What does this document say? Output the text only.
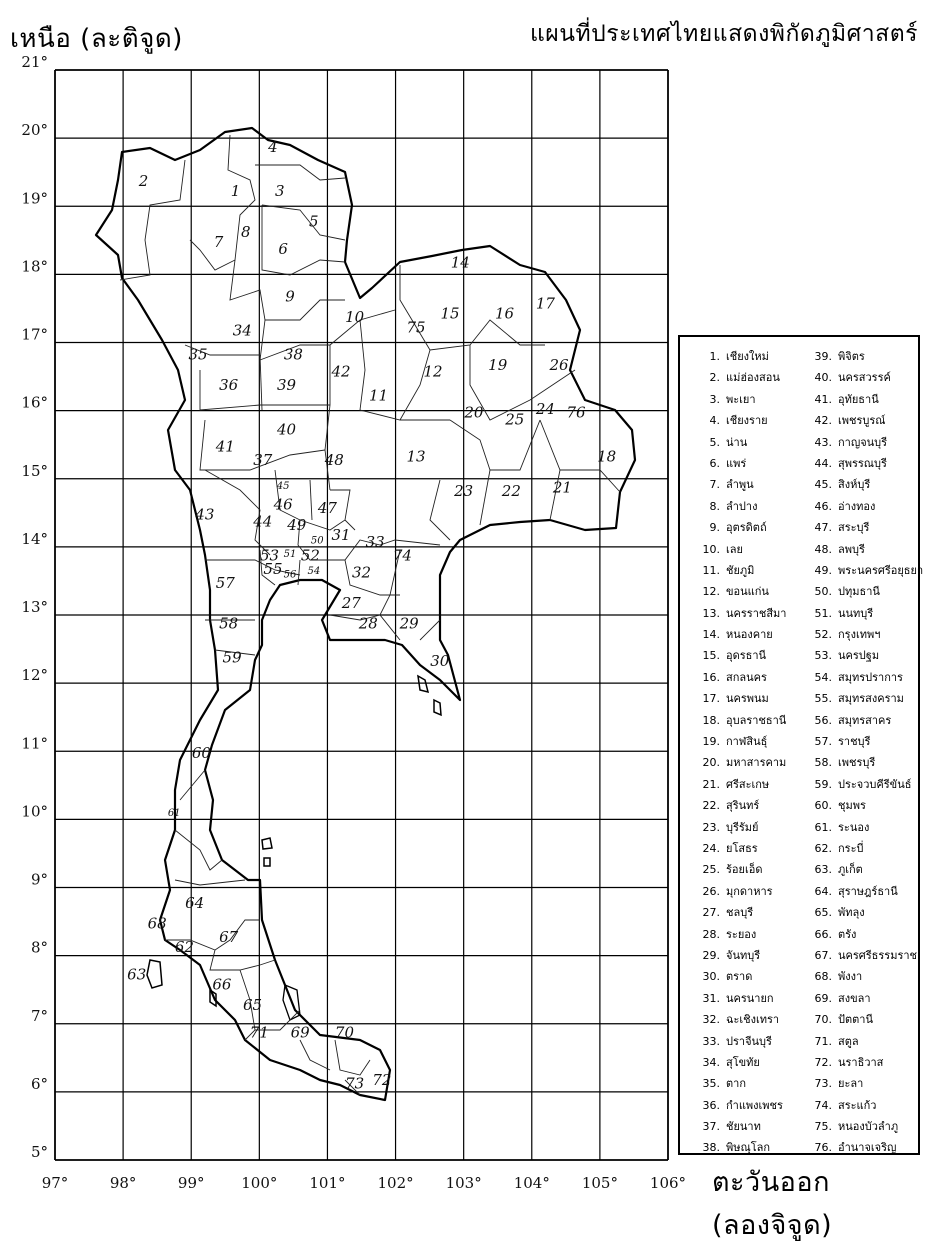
เหนือ (ละติจูด)	แผนที่ประเทศไทยแสดงพิกัดภูมิศาสตร์
ตะวันออก (ลองจิจูด)
21°
20°
19°
18°
17°
16°
15°
14°
13°
12°
11°
10°
9°
8°
7°
6°
5°
97°	98°	99° 100° 101° 102° 103° 104° 105° 106°
1
2
3
4
5
6
7
8
9
10
11
12
13
14
15 16
17
18
19
20
21
22
23
24
25
26
27
28 29
30
31
32
33
34
35
36
37
38
39
40
41
42
43	44
45
46 47
48
49
50
51 52
53
54
55 56
57
58
59
60
61
62
63
64
65
66
67
68
69 70
71
72
73
74
75
76
1. เชียงใหม่
2. แม่ฮ่องสอน
3. พะเยา
4. เชียงราย
5. น่าน
6. แพร่
7. ลำพูน
8. ลำปาง
9. อุตรดิตถ์
10. เลย
11. ชัยภูมิ
12. ขอนแก่น
13. นครราชสีมา
14. หนองคาย
15. อุดรธานี
16. สกลนคร
17. นครพนม
18. อุบลราชธานี
19. กาฬสินธุ์
20. มหาสารคาม
21. ศรีสะเกษ
22. สุรินทร์
23. บุรีรัมย์
24. ยโสธร
25. ร้อยเอ็ด
26. มุกดาหาร
27. ชลบุรี
28. ระยอง
29. จันทบุรี
30. ตราด
31. นครนายก
32. ฉะเชิงเทรา
33. ปราจีนบุรี
34. สุโขทัย
35. ตาก
36. กำแพงเพชร
37. ชัยนาท
38. พิษณุโลก
39. พิจิตร
40. นครสวรรค์
41. อุทัยธานี
42. เพชรบูรณ์
43. กาญจนบุรี
44. สุพรรณบุรี
45. สิงห์บุรี
46. อ่างทอง
47. สระบุรี
48. ลพบุรี
49. พระนครศรีอยุธยา
50. ปทุมธานี
51. นนทบุรี
52. กรุงเทพฯ
53. นครปฐม
54. สมุทรปราการ
55. สมุทรสงคราม
56. สมุทรสาคร
57. ราชบุรี
58. เพชรบุรี
59. ประจวบคีรีขันธ์
60. ชุมพร
61. ระนอง
62. กระบี่
63. ภูเก็ต
64. สุราษฎร์ธานี
65. พัทลุง
66. ตรัง
67. นครศรีธรรมราช
68. พังงา
69. สงขลา
70. ปัตตานี
71. สตูล
72. นราธิวาส
73. ยะลา
74. สระแก้ว
75. หนองบัวลำภู
76. อำนาจเจริญ
